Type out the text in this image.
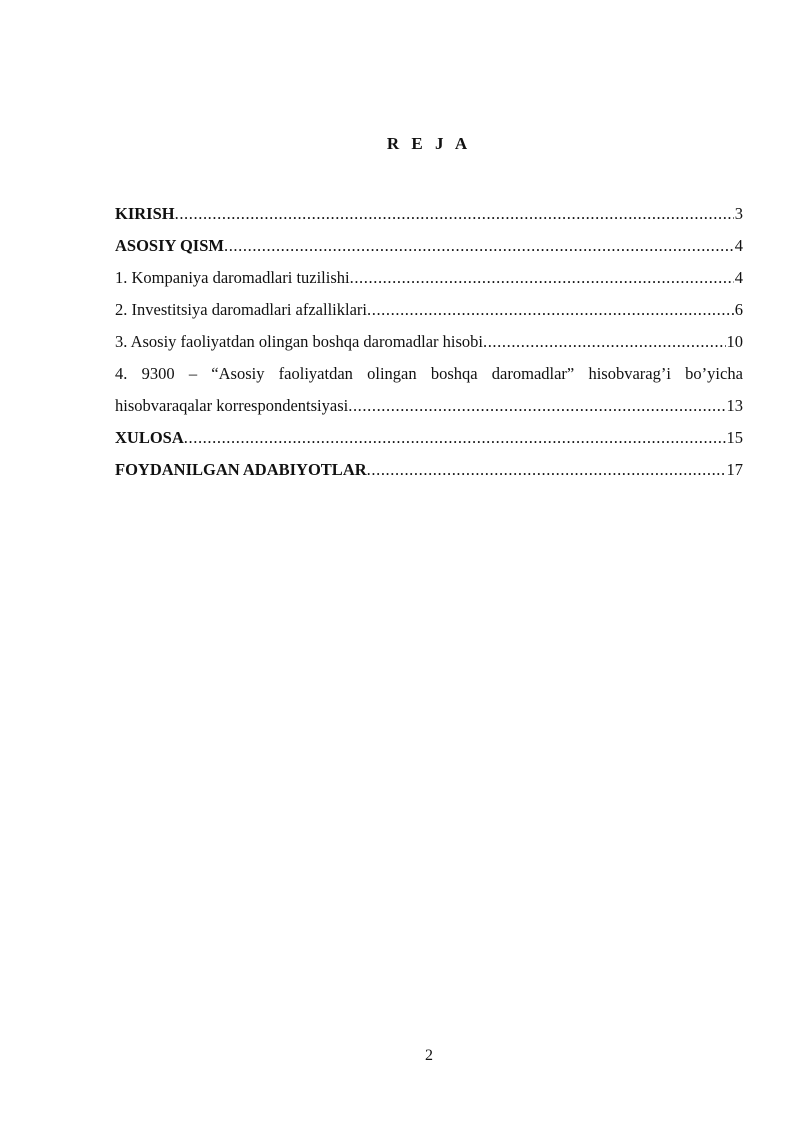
R E J A
KIRISH .....	3
ASOSIY QISM .....	4
1. Kompaniya daromadlari tuzilishi .....	4
2. Investitsiya daromadlari afzalliklari .....	6
3. Asosiy faoliyatdan olingan boshqa daromadlar hisobi .....	10
4. 9300 – “Asosiy faoliyatdan olingan boshqa daromadlar” hisobvarag’i bo’yicha
hisobvaraqalar korrespondentsiyasi .....	13
XULOSA .....	15
FOYDANILGAN ADABIYOTLAR .....	17
2
